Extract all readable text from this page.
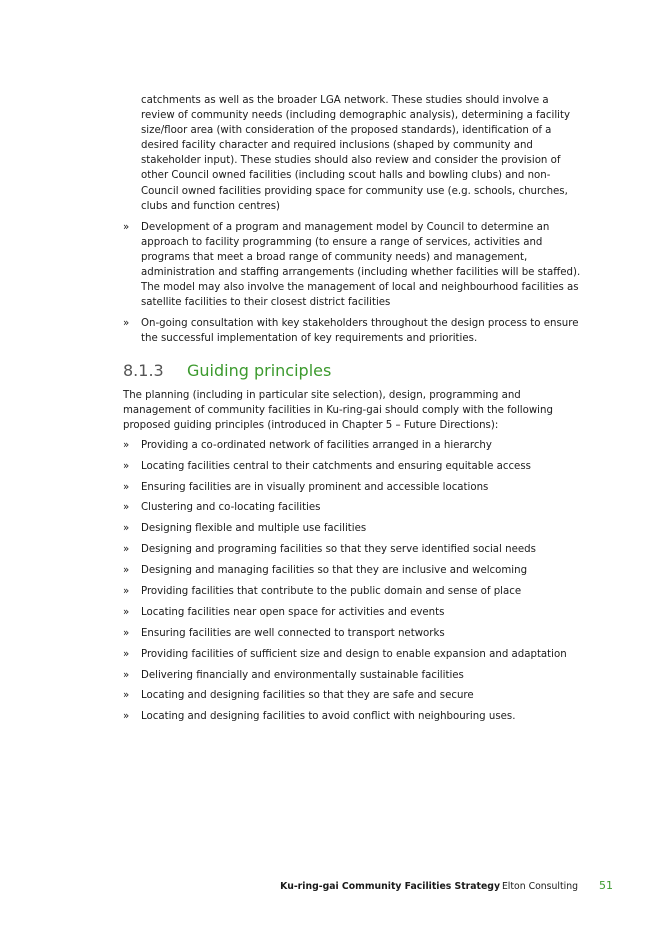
catchments as well as the broader LGA network. These studies should involve a review of community needs (including demographic analysis), determining a facility size/floor area (with consideration of the proposed standards), identification of a desired facility character and required inclusions (shaped by community and stakeholder input). These studies should also review and consider the provision of other Council owned facilities (including scout halls and bowling clubs) and non-Council owned facilities providing space for community use (e.g. schools, churches, clubs and function centres)

»	Development of a program and management model by Council to determine an approach to facility programming (to ensure a range of services, activities and programs that meet a broad range of community needs) and management, administration and staffing arrangements (including whether facilities will be staffed). The model may also involve the management of local and neighbourhood facilities as satellite facilities to their closest district facilities
»	On-going consultation with key stakeholders throughout the design process to ensure the successful implementation of key requirements and priorities.
8.1.3	Guiding principles

The planning (including in particular site selection), design, programming and management of community facilities in Ku-ring-gai should comply with the following proposed guiding principles (introduced in Chapter 5 – Future Directions):

»	Providing a co-ordinated network of facilities arranged in a hierarchy
»	Locating facilities central to their catchments and ensuring equitable access
»	Ensuring facilities are in visually prominent and accessible locations
»	Clustering and co-locating facilities
»	Designing flexible and multiple use facilities
»	Designing and programing facilities so that they serve identified social needs
»	Designing and managing facilities so that they are inclusive and welcoming
»	Providing facilities that contribute to the public domain and sense of place
»	Locating facilities near open space for activities and events
»	Ensuring facilities are well connected to transport networks
»	Providing facilities of sufficient size and design to enable expansion and adaptation
»	Delivering financially and environmentally sustainable facilities
»	Locating and designing facilities so that they are safe and secure
»	Locating and designing facilities to avoid conflict with neighbouring uses.
Ku-ring-gai Community Facilities Strategy Elton Consulting 51
